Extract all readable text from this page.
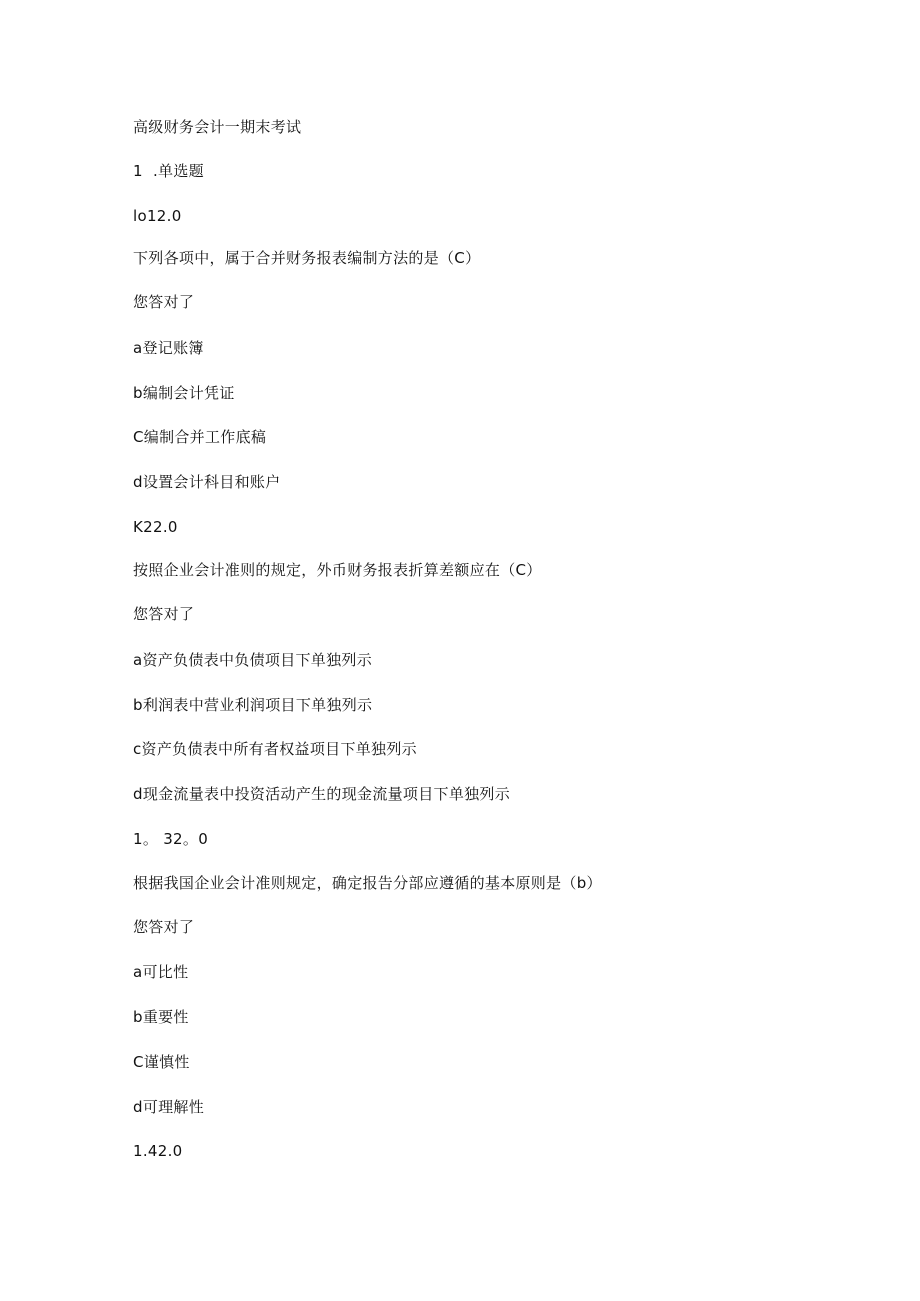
高级财务会计一期末考试
1  .单选题
lo12.0
下列各项中，属于合并财务报表编制方法的是（C）
您答对了
a登记账簿
b编制会计凭证
C编制合并工作底稿
d设置会计科目和账户
K22.0
按照企业会计准则的规定，外币财务报表折算差额应在（C）
您答对了
a资产负债表中负债项目下单独列示
b利润表中营业利润项目下单独列示
c资产负债表中所有者权益项目下单独列示
d现金流量表中投资活动产生的现金流量项目下单独列示
1。 32。0
根据我国企业会计准则规定，确定报告分部应遵循的基本原则是（b）
您答对了
a可比性
b重要性
C谨慎性
d可理解性
1.42.0
